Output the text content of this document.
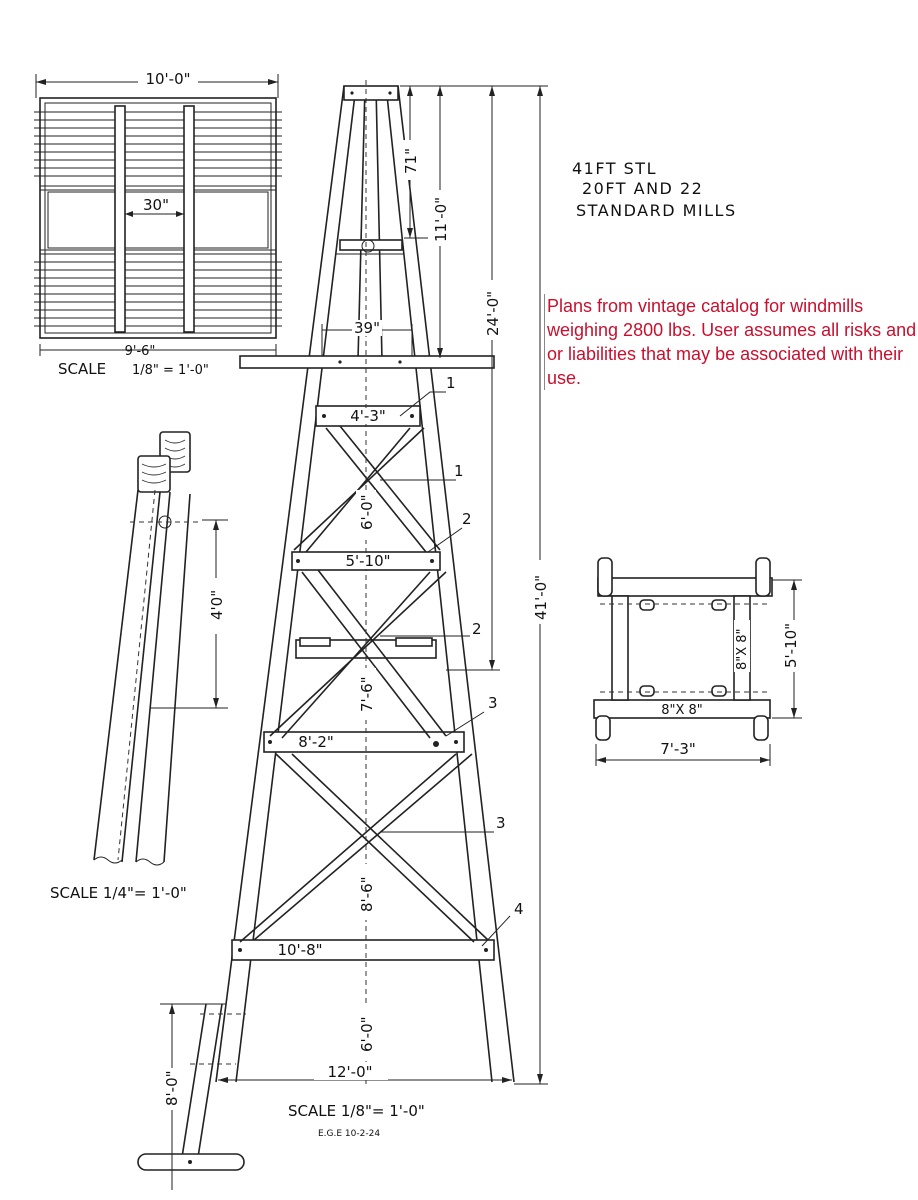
10'-0"
30"
9'-6"
SCALE 1/8" = 1'-0"
4'0"
SCALE 1/4"= 1'-0"
4'-3"
5'-10"
8'-2"
10'-8"
39"
6'-0"
7'-6"
8'-6"
6'-0"
12'-0"
71"
11'-0"
24'-0"
41'-0"
1
1
2
2
3
3
4
SCALE 1/8"= 1'-0"
E.G.E 10-2-24
8'-0"
41FT STL
20FT AND 22
STANDARD MILLS
8"X 8"
8"X 8"
5'-10"
7'-3"
Plans from vintage catalog for windmills weighing 2800 lbs. User assumes all risks and or liabilities that may be associated with their use.
